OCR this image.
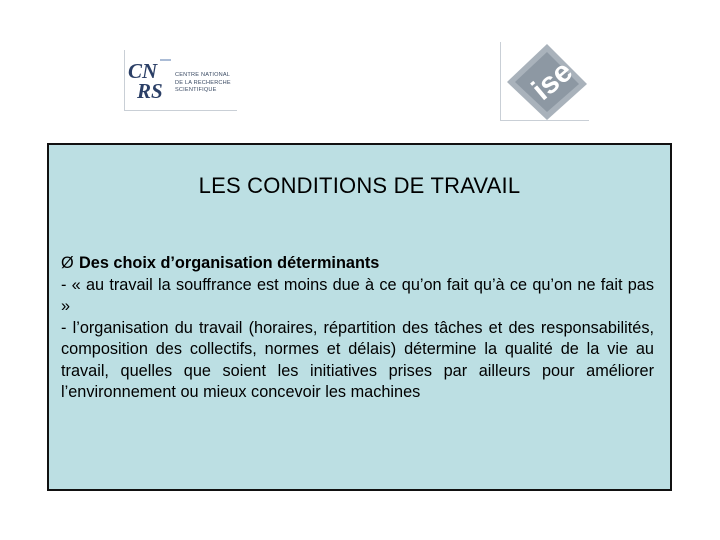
CN
RS
CENTRE NATIONAL
DE LA RECHERCHE
SCIENTIFIQUE	ise
LES CONDITIONS DE TRAVAIL
Ø Des choix d’organisation déterminants
- « au travail la souffrance est moins due à ce qu’on fait qu’à ce qu’on ne fait pas »
- l’organisation du travail (horaires, répartition des tâches et des responsabilités, composition des collectifs, normes et délais) détermine la qualité de la vie au travail, quelles que soient les initiatives prises par ailleurs pour améliorer l’environnement ou mieux concevoir les machines
